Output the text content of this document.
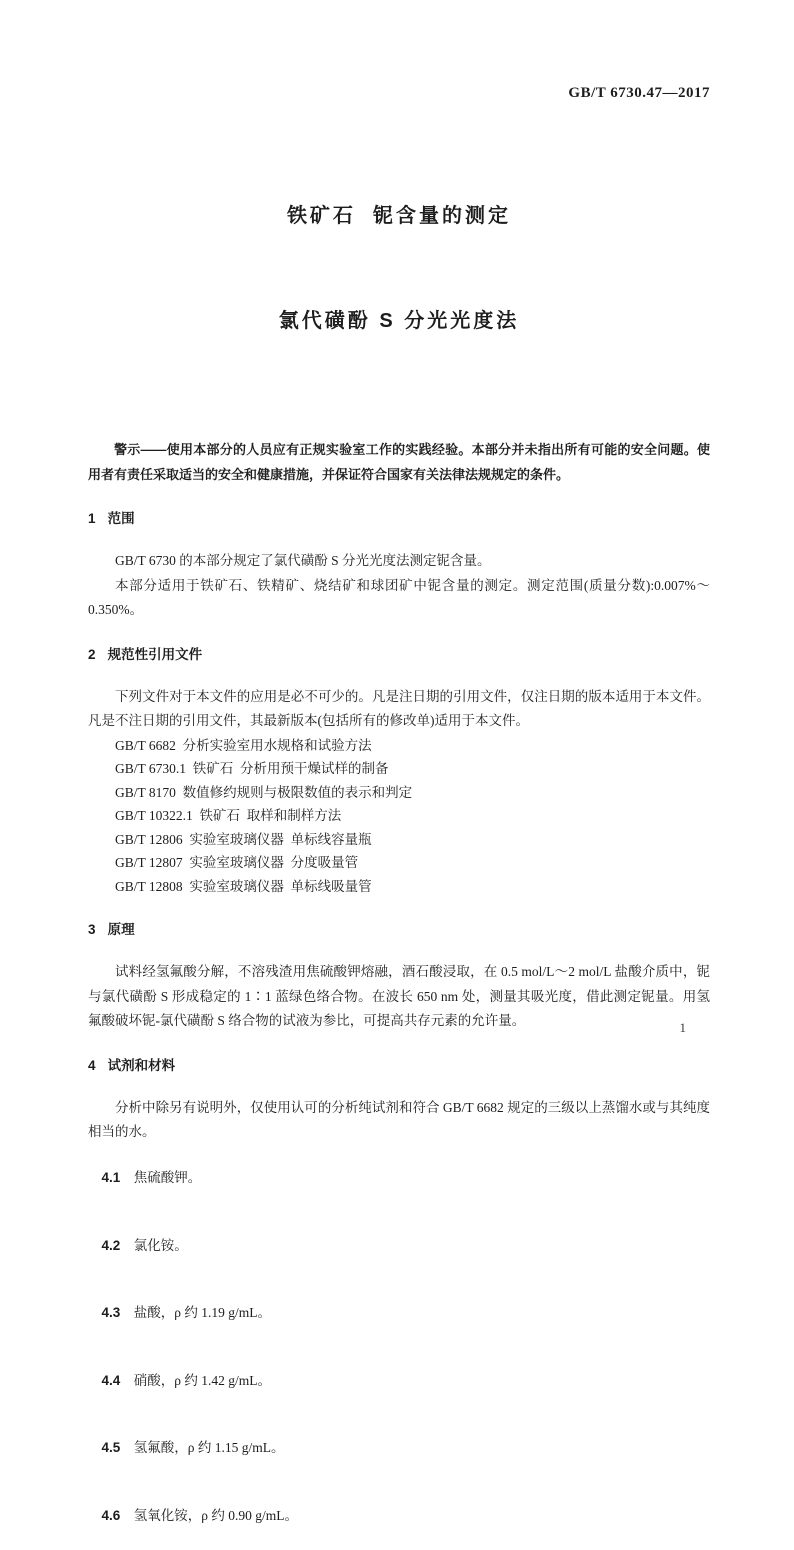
GB/T 6730.47—2017

铁矿石  铌含量的测定

氯代磺酚 S 分光光度法

警示——使用本部分的人员应有正规实验室工作的实践经验。本部分并未指出所有可能的安全问题。使用者有责任采取适当的安全和健康措施，并保证符合国家有关法律法规规定的条件。

1 范围

GB/T 6730 的本部分规定了氯代磺酚 S 分光光度法测定铌含量。

本部分适用于铁矿石、铁精矿、烧结矿和球团矿中铌含量的测定。测定范围(质量分数):0.007%～0.350%。

2 规范性引用文件

下列文件对于本文件的应用是必不可少的。凡是注日期的引用文件，仅注日期的版本适用于本文件。凡是不注日期的引用文件，其最新版本(包括所有的修改单)适用于本文件。

GB/T 6682  分析实验室用水规格和试验方法
GB/T 6730.1  铁矿石  分析用预干燥试样的制备
GB/T 8170  数值修约规则与极限数值的表示和判定
GB/T 10322.1  铁矿石  取样和制样方法
GB/T 12806  实验室玻璃仪器  单标线容量瓶
GB/T 12807  实验室玻璃仪器  分度吸量管
GB/T 12808  实验室玻璃仪器  单标线吸量管
3 原理

试料经氢氟酸分解，不溶残渣用焦硫酸钾熔融，酒石酸浸取，在 0.5 mol/L～2 mol/L 盐酸介质中，铌与氯代磺酚 S 形成稳定的 1∶1 蓝绿色络合物。在波长 650 nm 处，测量其吸光度，借此测定铌量。用氢氟酸破坏铌-氯代磺酚 S 络合物的试液为参比，可提高共存元素的允许量。

4 试剂和材料

分析中除另有说明外，仅使用认可的分析纯试剂和符合 GB/T 6682 规定的三级以上蒸馏水或与其纯度相当的水。

4.1 焦硫酸钾。

4.2 氯化铵。

4.3 盐酸，ρ 约 1.19 g/mL。

4.4 硝酸，ρ 约 1.42 g/mL。

4.5 氢氟酸，ρ 约 1.15 g/mL。

4.6 氢氧化铵，ρ 约 0.90 g/mL。

1
